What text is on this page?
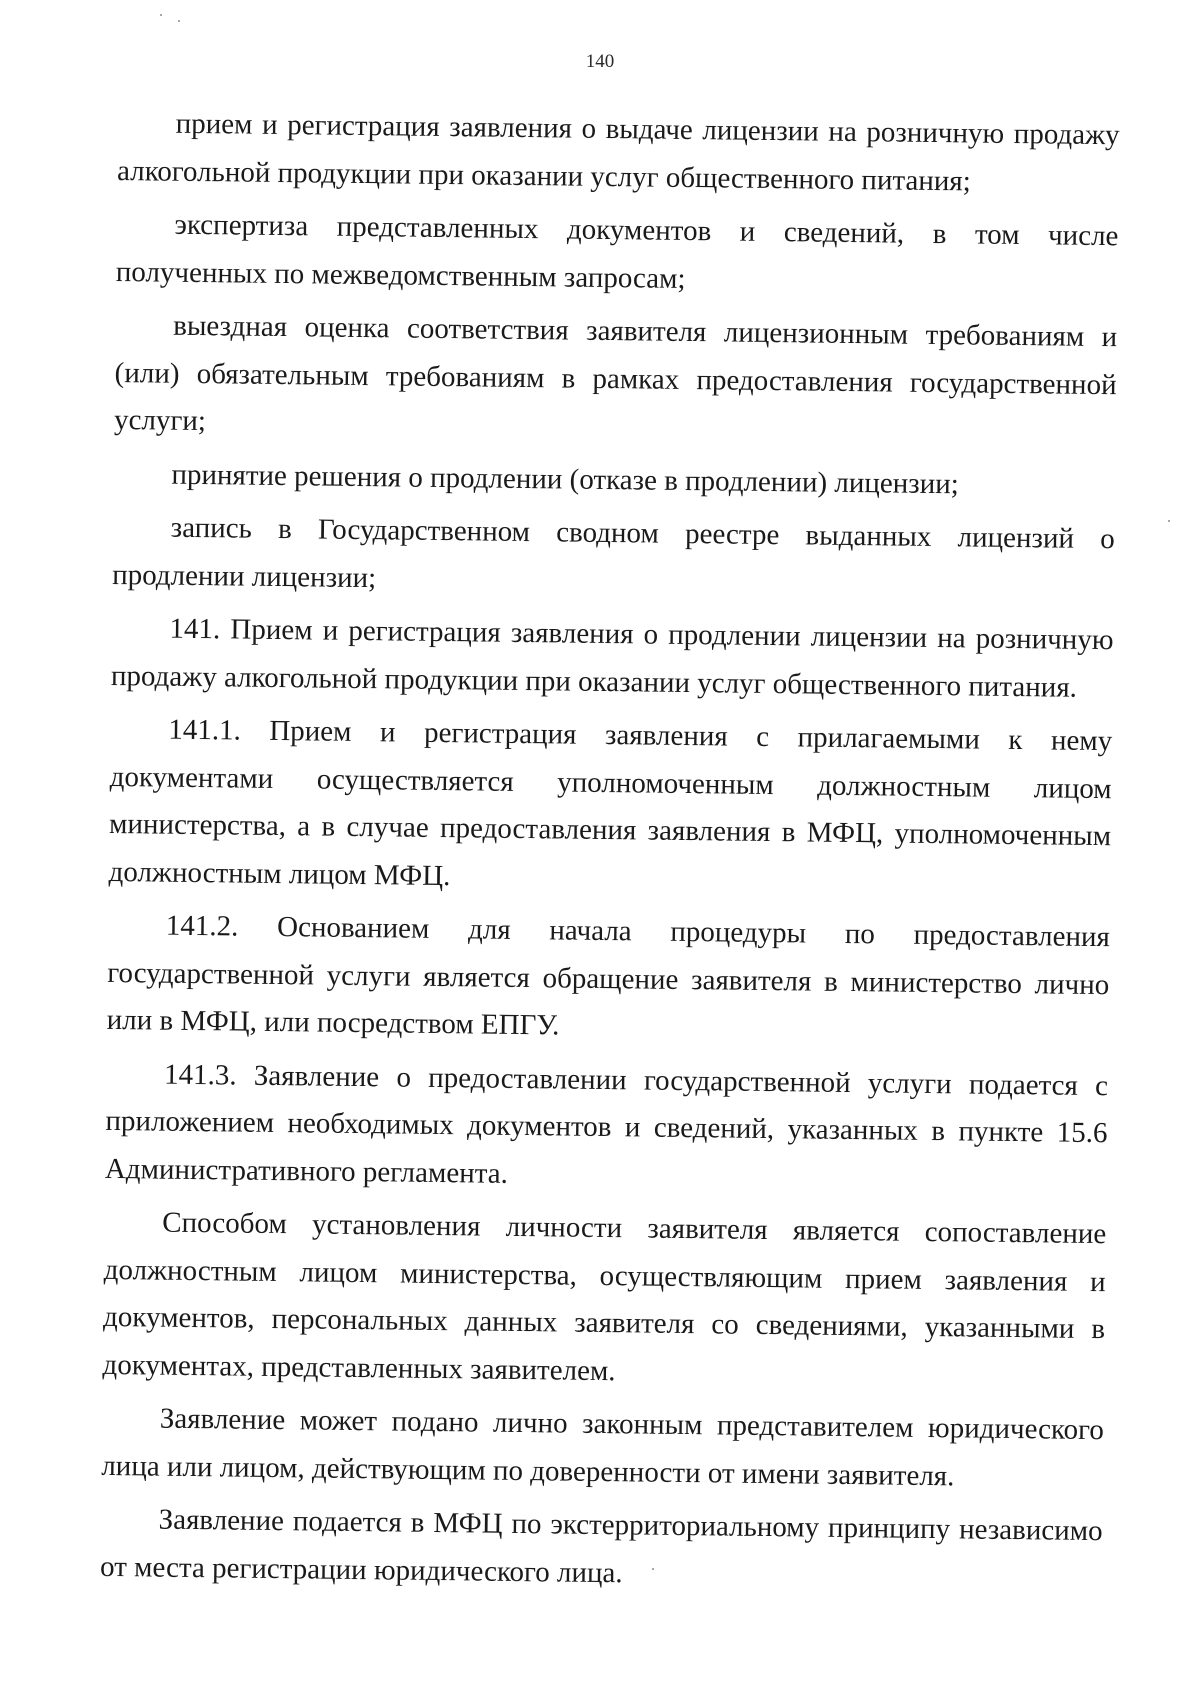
140

прием и регистрация заявления о выдаче лицензии на розничную продажу алкогольной продукции при оказании услуг общественного питания;

экспертиза представленных документов и сведений, в том числе полученных по межведомственным запросам;

выездная оценка соответствия заявителя лицензионным требованиям и (или) обязательным требованиям в рамках предоставления государственной услуги;

принятие решения о продлении (отказе в продлении) лицензии;

запись в Государственном сводном реестре выданных лицензий о продлении лицензии;

141. Прием и регистрация заявления о продлении лицензии на розничную продажу алкогольной продукции при оказании услуг общественного питания.

141.1. Прием и регистрация заявления с прилагаемыми к нему документами осуществляется уполномоченным должностным лицом министерства, а в случае предоставления заявления в МФЦ, уполномоченным должностным лицом МФЦ.

141.2. Основанием для начала процедуры по предоставления государственной услуги является обращение заявителя в министерство лично или в МФЦ, или посредством ЕПГУ.

141.3. Заявление о предоставлении государственной услуги подается с приложением необходимых документов и сведений, указанных в пункте 15.6 Административного регламента.

Способом установления личности заявителя является сопоставление должностным лицом министерства, осуществляющим прием заявления и документов, персональных данных заявителя со сведениями, указанными в документах, представленных заявителем.

Заявление может подано лично законным представителем юридического лица или лицом, действующим по доверенности от имени заявителя.

Заявление подается в МФЦ по экстерриториальному принципу независимо от места регистрации юридического лица.
